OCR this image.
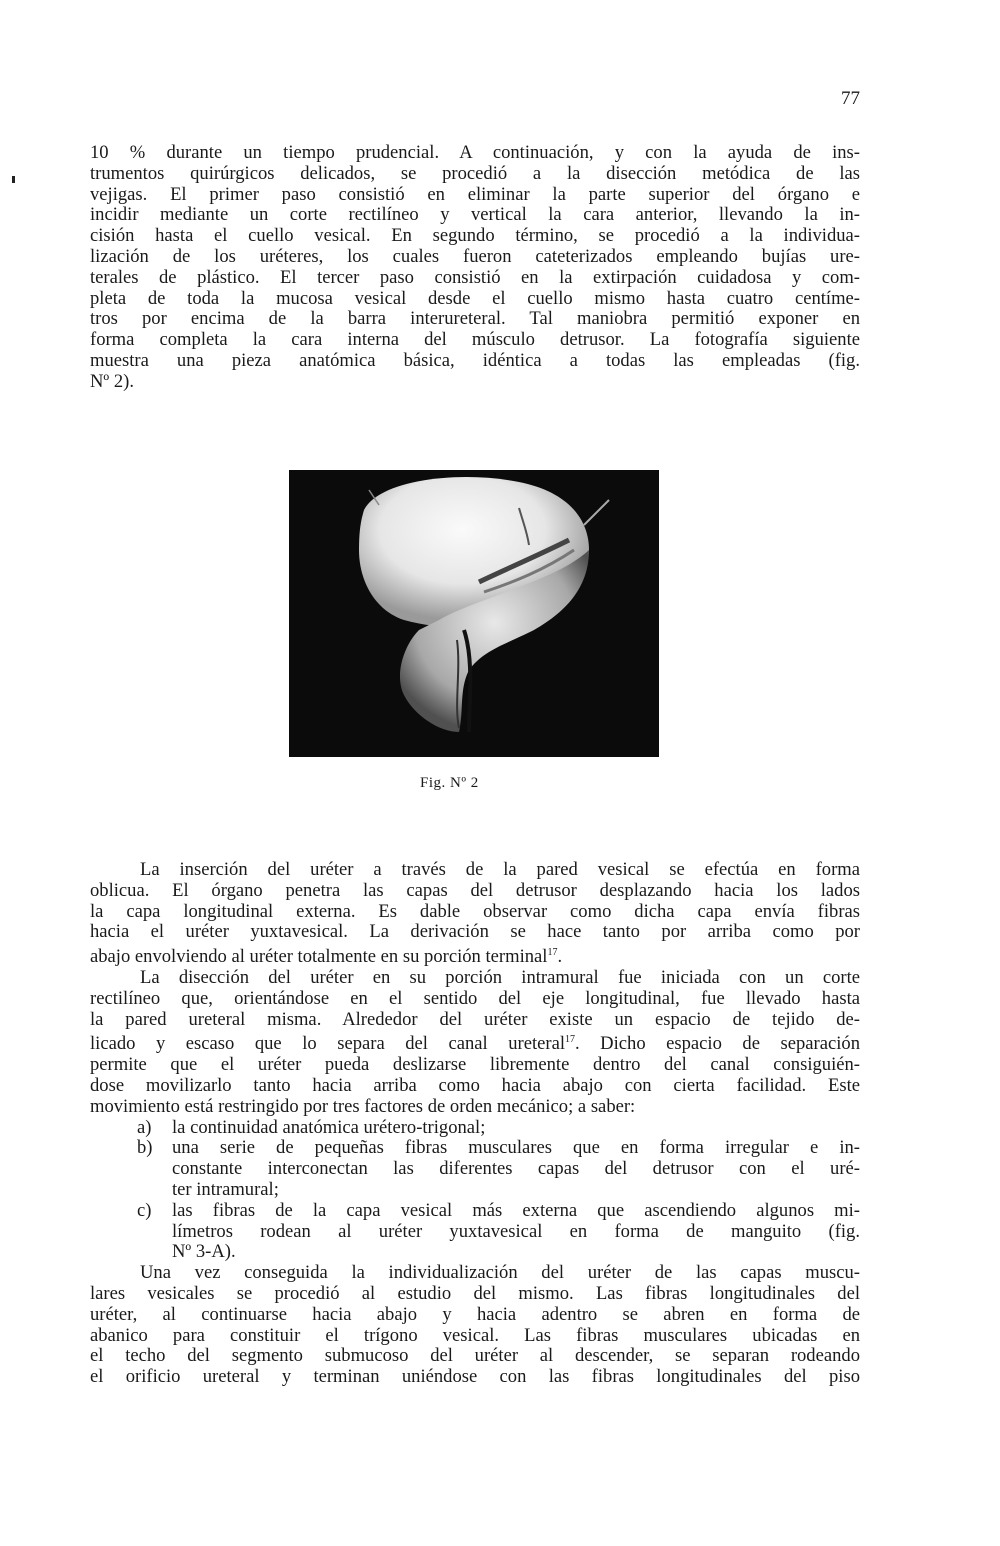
77
10 % durante un tiempo prudencial. A continuación, y con la ayuda de ins-
trumentos quirúrgicos delicados, se procedió a la disección metódica de las
vejigas. El primer paso consistió en eliminar la parte superior del órgano e
incidir mediante un corte rectilíneo y vertical la cara anterior, llevando la in-
cisión hasta el cuello vesical. En segundo término, se procedió a la individua-
lización de los uréteres, los cuales fueron cateterizados empleando bujías ure-
terales de plástico. El tercer paso consistió en la extirpación cuidadosa y com-
pleta de toda la mucosa vesical desde el cuello mismo hasta cuatro centíme-
tros por encima de la barra interureteral. Tal maniobra permitió exponer en
forma completa la cara interna del músculo detrusor. La fotografía siguiente
muestra una pieza anatómica básica, idéntica a todas las empleadas (fig.
Nº 2).
Fig. Nº 2
La inserción del uréter a través de la pared vesical se efectúa en forma
oblicua. El órgano penetra las capas del detrusor desplazando hacia los lados
la capa longitudinal externa. Es dable observar como dicha capa envía fibras
hacia el uréter yuxtavesical. La derivación se hace tanto por arriba como por
abajo envolviendo al uréter totalmente en su porción terminal$^{17}$.
La disección del uréter en su porción intramural fue iniciada con un corte
rectilíneo que, orientándose en el sentido del eje longitudinal, fue llevado hasta
la pared ureteral misma. Alrededor del uréter existe un espacio de tejido de-
licado y escaso que lo separa del canal ureteral$^{17}$. Dicho espacio de separación
permite que el uréter pueda deslizarse libremente dentro del canal consiguién-
dose movilizarlo tanto hacia arriba como hacia abajo con cierta facilidad. Este
movimiento está restringido por tres factores de orden mecánico; a saber:
a) la continuidad anatómica urétero-trigonal;
b) una serie de pequeñas fibras musculares que en forma irregular e in-
constante interconectan las diferentes capas del detrusor con el uré-
ter intramural;
c) las fibras de la capa vesical más externa que ascendiendo algunos mi-
límetros rodean al uréter yuxtavesical en forma de manguito (fig.
Nº 3-A).
Una vez conseguida la individualización del uréter de las capas muscu-
lares vesicales se procedió al estudio del mismo. Las fibras longitudinales del
uréter, al continuarse hacia abajo y hacia adentro se abren en forma de
abanico para constituir el trígono vesical. Las fibras musculares ubicadas en
el techo del segmento submucoso del uréter al descender, se separan rodeando
el orificio ureteral y terminan uniéndose con las fibras longitudinales del piso
